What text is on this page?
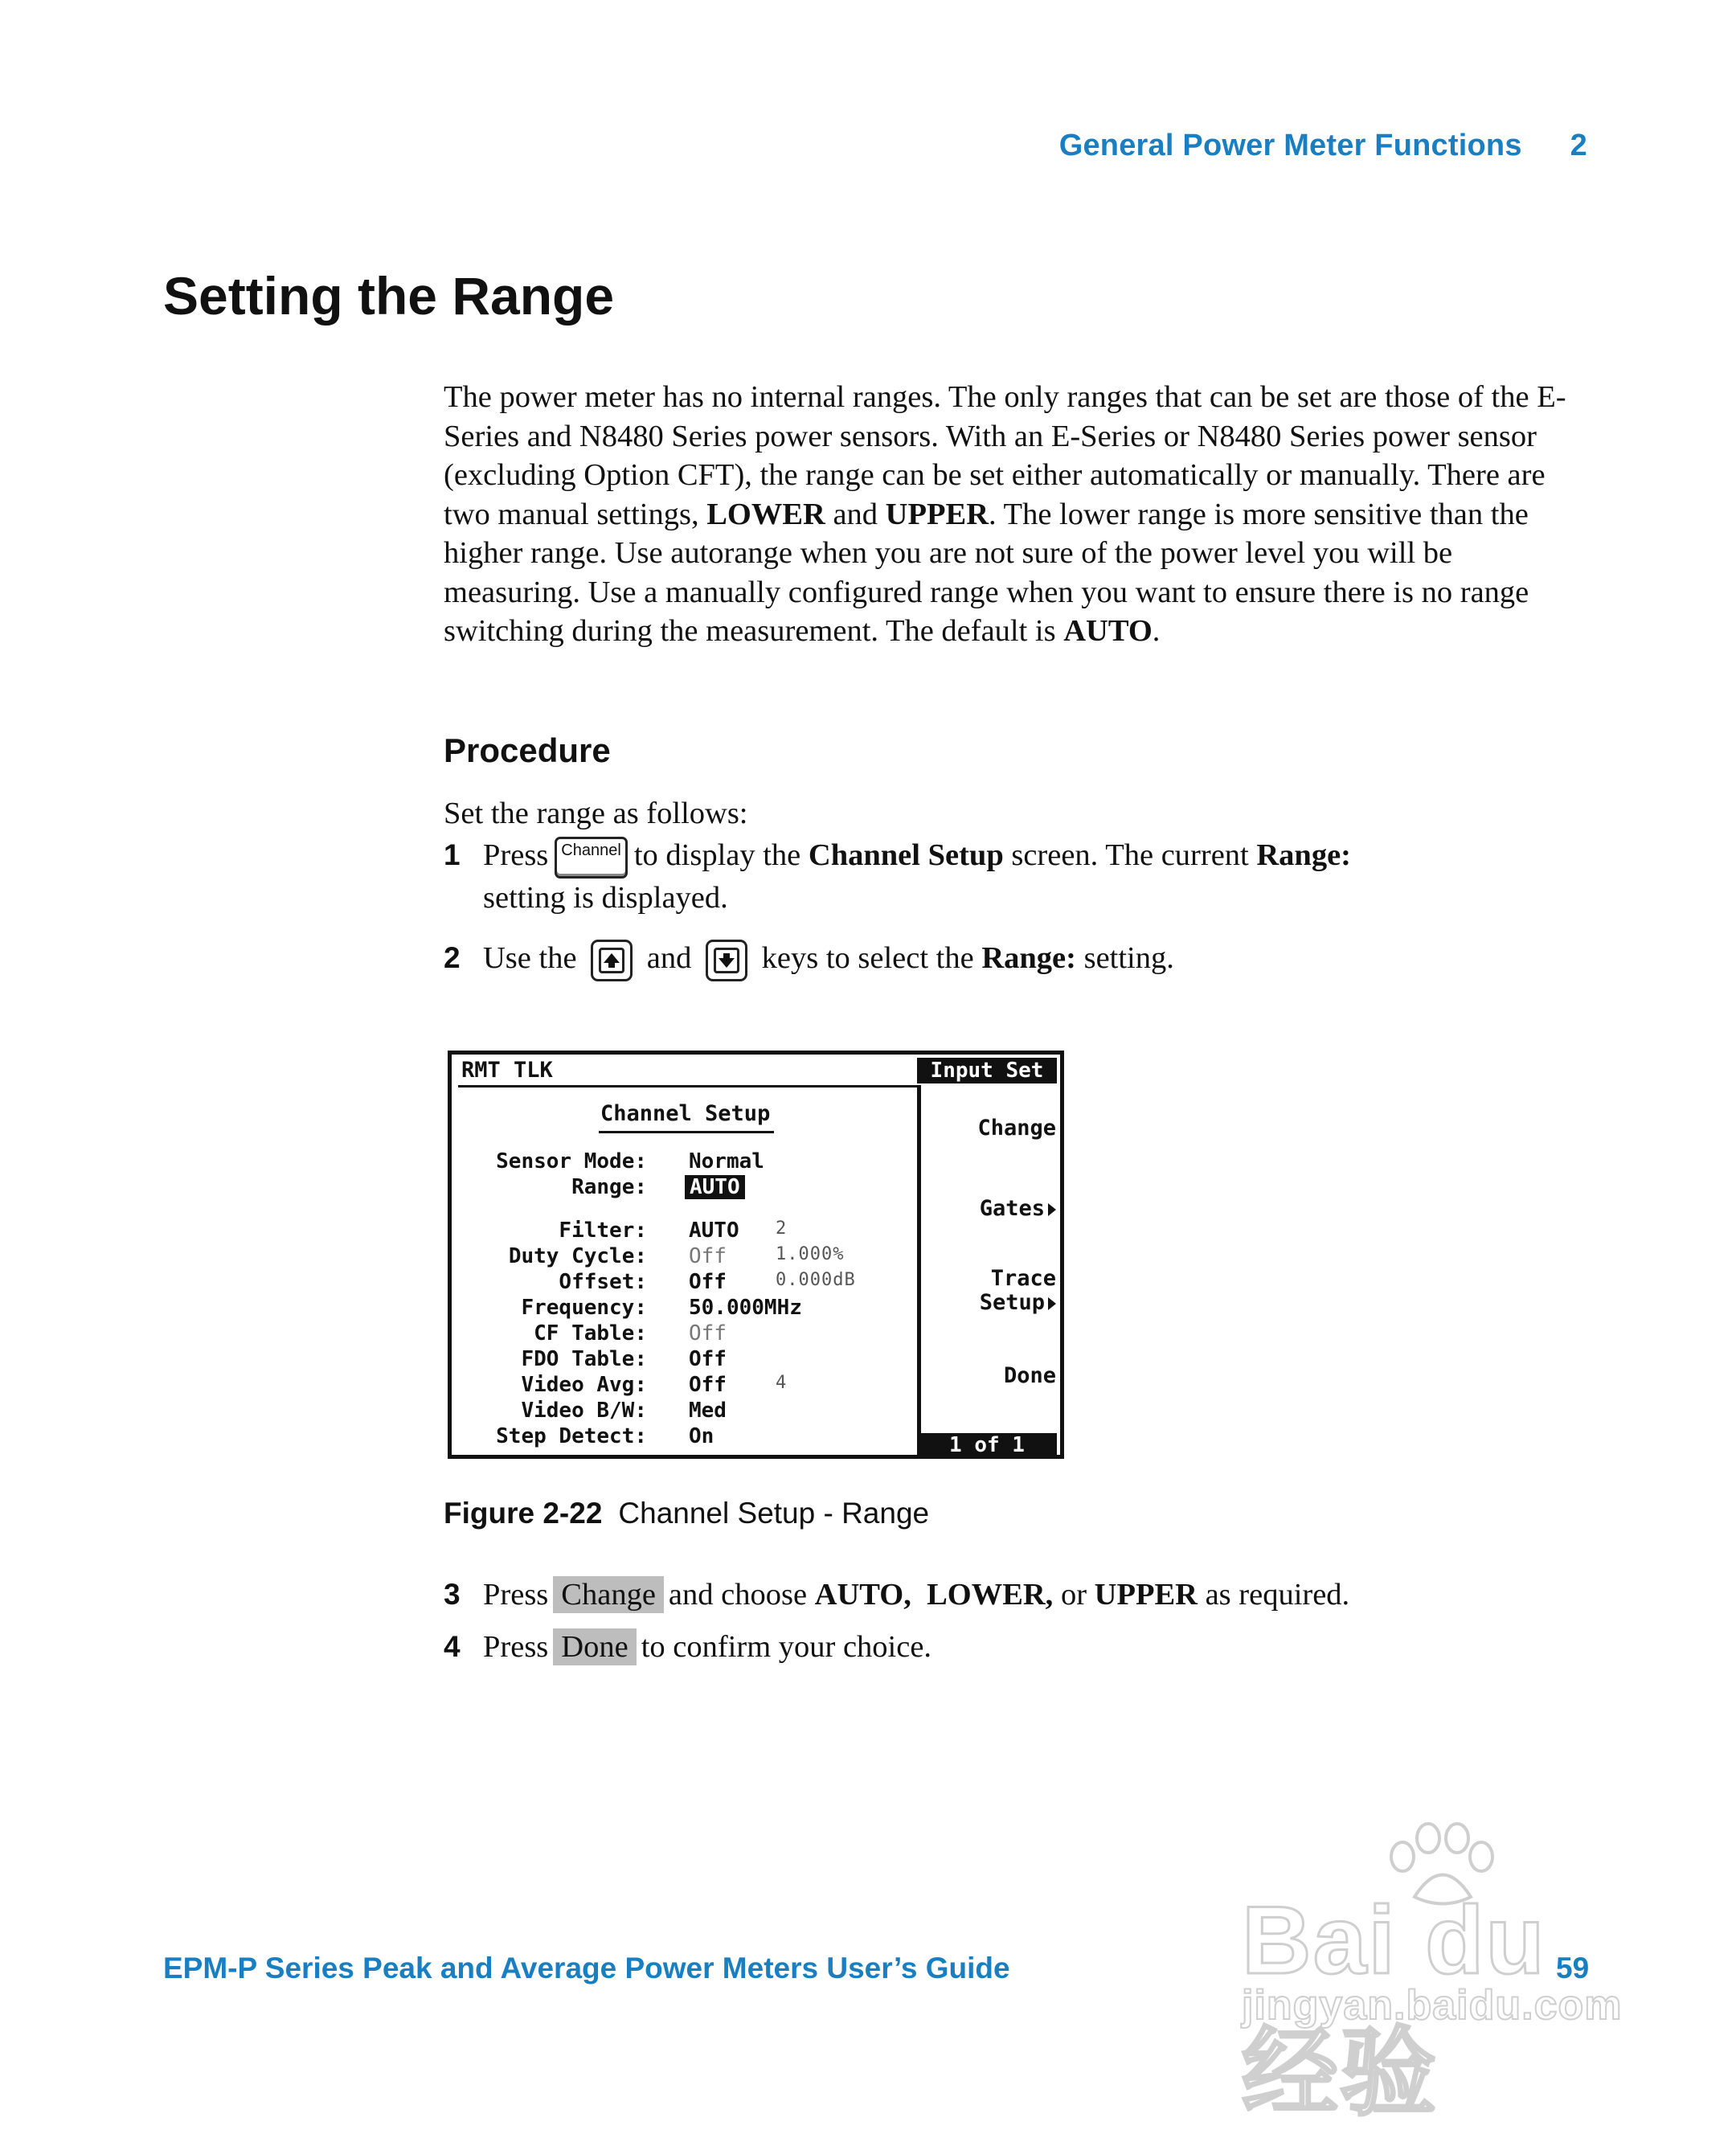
General Power Meter Functions 2
Setting the Range
The power meter has no internal ranges. The only ranges that can be set are those of the E-Series and N8480 Series power sensors. With an E-Series or N8480 Series power sensor (excluding Option CFT), the range can be set either automatically or manually. There are two manual settings, LOWER and UPPER. The lower range is more sensitive than the higher range. Use autorange when you are not sure of the power level you will be measuring. Use a manually configured range when you want to ensure there is no range switching during the measurement. The default is AUTO.
Procedure
Set the range as follows:
1 Press Channel to display the Channel Setup screen. The current Range:
setting is displayed.
2 Use the and keys to select the Range: setting.
RMT TLK	Input Set
Channel Setup
Sensor Mode: Normal
Range: AUTO
Filter: AUTO 2
Duty Cycle: Off	1.000%
Offset: Off	0.000dB
Frequency: 50.000MHz
CF Table: Off
FDO Table: Off
Video Avg: Off	4
Video B/W: Med
Step Detect: On
Change
Gates
Trace
Setup
Done
1 of 1
Figure 2-22 Channel Setup - Range
3 Press Change and choose AUTO, LOWER, or UPPER as required.
4 Press Done to confirm your choice.
EPM-P Series Peak and Average Power Meters User’s Guide	59
Bai du 经验
jingyan.baidu.com
